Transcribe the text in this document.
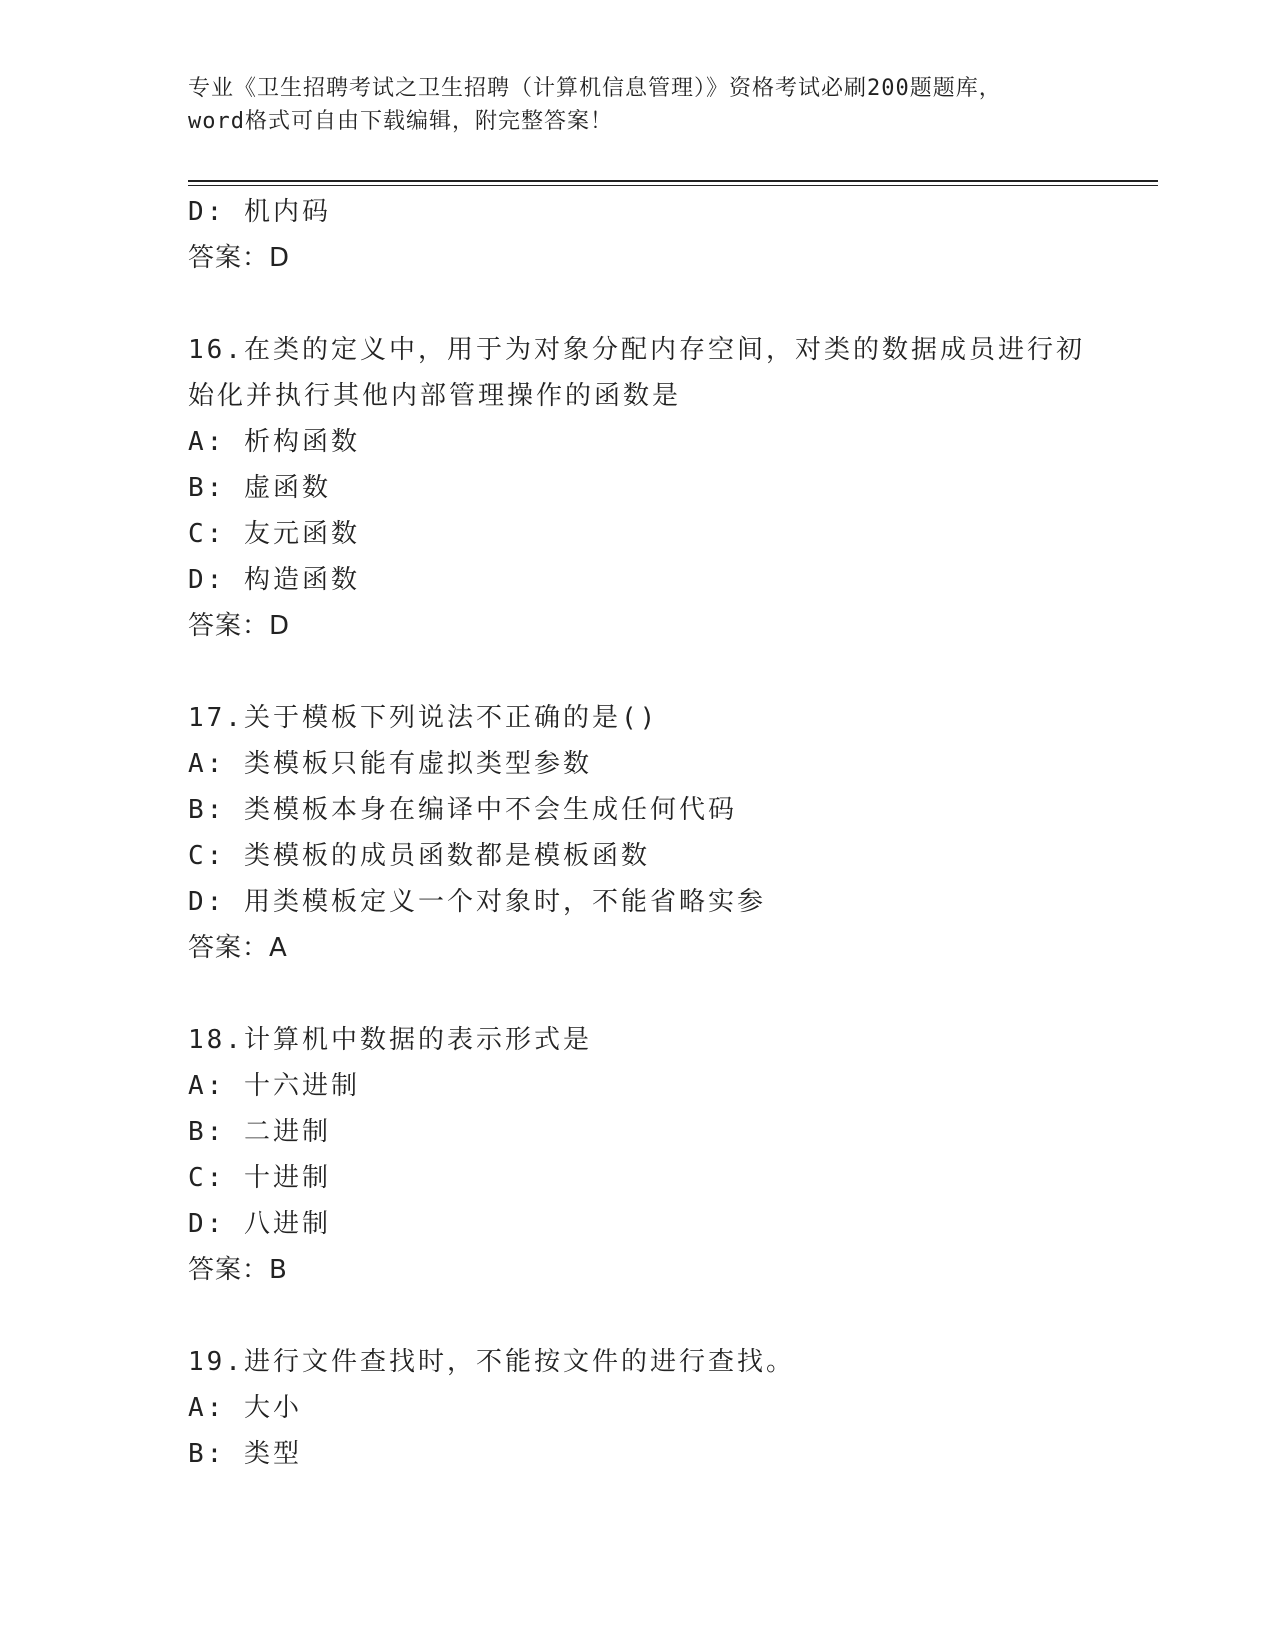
专业《卫生招聘考试之卫生招聘（计算机信息管理）》资格考试必刷200题题库，
word格式可自由下载编辑，附完整答案！
D: 机内码
答案：D
16.在类的定义中，用于为对象分配内存空间，对类的数据成员进行初
始化并执行其他内部管理操作的函数是
A: 析构函数
B: 虚函数
C: 友元函数
D: 构造函数
答案：D
17.关于模板下列说法不正确的是()
A: 类模板只能有虚拟类型参数
B: 类模板本身在编译中不会生成任何代码
C: 类模板的成员函数都是模板函数
D: 用类模板定义一个对象时，不能省略实参
答案：A
18.计算机中数据的表示形式是
A: 十六进制
B: 二进制
C: 十进制
D: 八进制
答案：B
19.进行文件查找时，不能按文件的进行查找。
A: 大小
B: 类型
